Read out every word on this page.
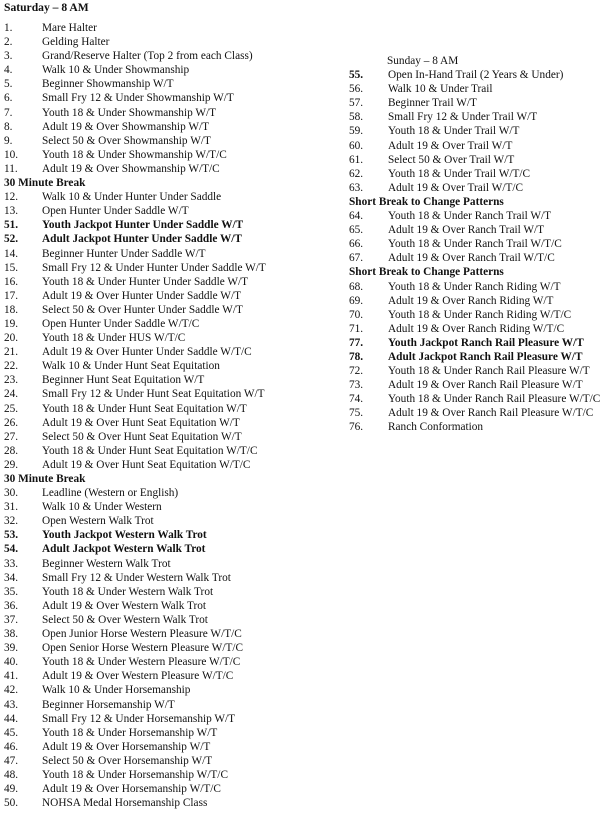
Saturday – 8 AM
1.	Mare Halter
2.	Gelding Halter
3.	Grand/Reserve Halter (Top 2 from each Class)
4.	Walk 10 & Under Showmanship
5.	Beginner Showmanship W/T
6.	Small Fry 12 & Under Showmanship W/T
7.	Youth 18 & Under Showmanship W/T
8.	Adult 19 & Over Showmanship W/T
9.	Select 50 & Over Showmanship W/T
10. Youth 18 & Under Showmanship W/T/C
11. Adult 19 & Over Showmanship W/T/C
30 Minute Break
12. Walk 10 & Under Hunter Under Saddle
13. Open Hunter Under Saddle W/T
51. Youth Jackpot Hunter Under Saddle W/T
52. Adult Jackpot Hunter Under Saddle W/T
14. Beginner Hunter Under Saddle W/T
15. Small Fry 12 & Under Hunter Under Saddle W/T
16. Youth 18 & Under Hunter Under Saddle W/T
17. Adult 19 & Over Hunter Under Saddle W/T
18. Select 50 & Over Hunter Under Saddle W/T
19. Open Hunter Under Saddle W/T/C
20. Youth 18 & Under HUS W/T/C
21. Adult 19 & Over Hunter Under Saddle W/T/C
22. Walk 10 & Under Hunt Seat Equitation
23. Beginner Hunt Seat Equitation W/T
24. Small Fry 12 & Under Hunt Seat Equitation W/T
25. Youth 18 & Under Hunt Seat Equitation W/T
26. Adult 19 & Over Hunt Seat Equitation W/T
27. Select 50 & Over Hunt Seat Equitation W/T
28. Youth 18 & Under Hunt Seat Equitation W/T/C
29. Adult 19 & Over Hunt Seat Equitation W/T/C
30 Minute Break
30. Leadline (Western or English)
31. Walk 10 & Under Western
32. Open Western Walk Trot
53. Youth Jackpot Western Walk Trot
54. Adult Jackpot Western Walk Trot
33. Beginner Western Walk Trot
34. Small Fry 12 & Under Western Walk Trot
35. Youth 18 & Under Western Walk Trot
36. Adult 19 & Over Western Walk Trot
37. Select 50 & Over Western Walk Trot
38. Open Junior Horse Western Pleasure W/T/C
39. Open Senior Horse Western Pleasure W/T/C
40. Youth 18 & Under Western Pleasure W/T/C
41. Adult 19 & Over Western Pleasure W/T/C
42. Walk 10 & Under Horsemanship
43. Beginner Horsemanship W/T
44. Small Fry 12 & Under Horsemanship W/T
45. Youth 18 & Under Horsemanship W/T
46. Adult 19 & Over Horsemanship W/T
47. Select 50 & Over Horsemanship W/T
48. Youth 18 & Under Horsemanship W/T/C
49. Adult 19 & Over Horsemanship W/T/C
50. NOHSA Medal Horsemanship Class
Sunday – 8 AM
55. Open In-Hand Trail (2 Years & Under)
56. Walk 10 & Under Trail
57. Beginner Trail W/T
58. Small Fry 12 & Under Trail W/T
59. Youth 18 & Under Trail W/T
60. Adult 19 & Over Trail W/T
61. Select 50 & Over Trail W/T
62. Youth 18 & Under Trail W/T/C
63. Adult 19 & Over Trail W/T/C
Short Break to Change Patterns
64. Youth 18 & Under Ranch Trail W/T
65. Adult 19 & Over Ranch Trail W/T
66. Youth 18 & Under Ranch Trail W/T/C
67. Adult 19 & Over Ranch Trail W/T/C
Short Break to Change Patterns
68. Youth 18 & Under Ranch Riding W/T
69. Adult 19 & Over Ranch Riding W/T
70. Youth 18 & Under Ranch Riding W/T/C
71. Adult 19 & Over Ranch Riding W/T/C
77. Youth Jackpot Ranch Rail Pleasure W/T
78. Adult Jackpot Ranch Rail Pleasure W/T
72. Youth 18 & Under Ranch Rail Pleasure W/T
73. Adult 19 & Over Ranch Rail Pleasure W/T
74. Youth 18 & Under Ranch Rail Pleasure W/T/C
75. Adult 19 & Over Ranch Rail Pleasure W/T/C
76. Ranch Conformation
